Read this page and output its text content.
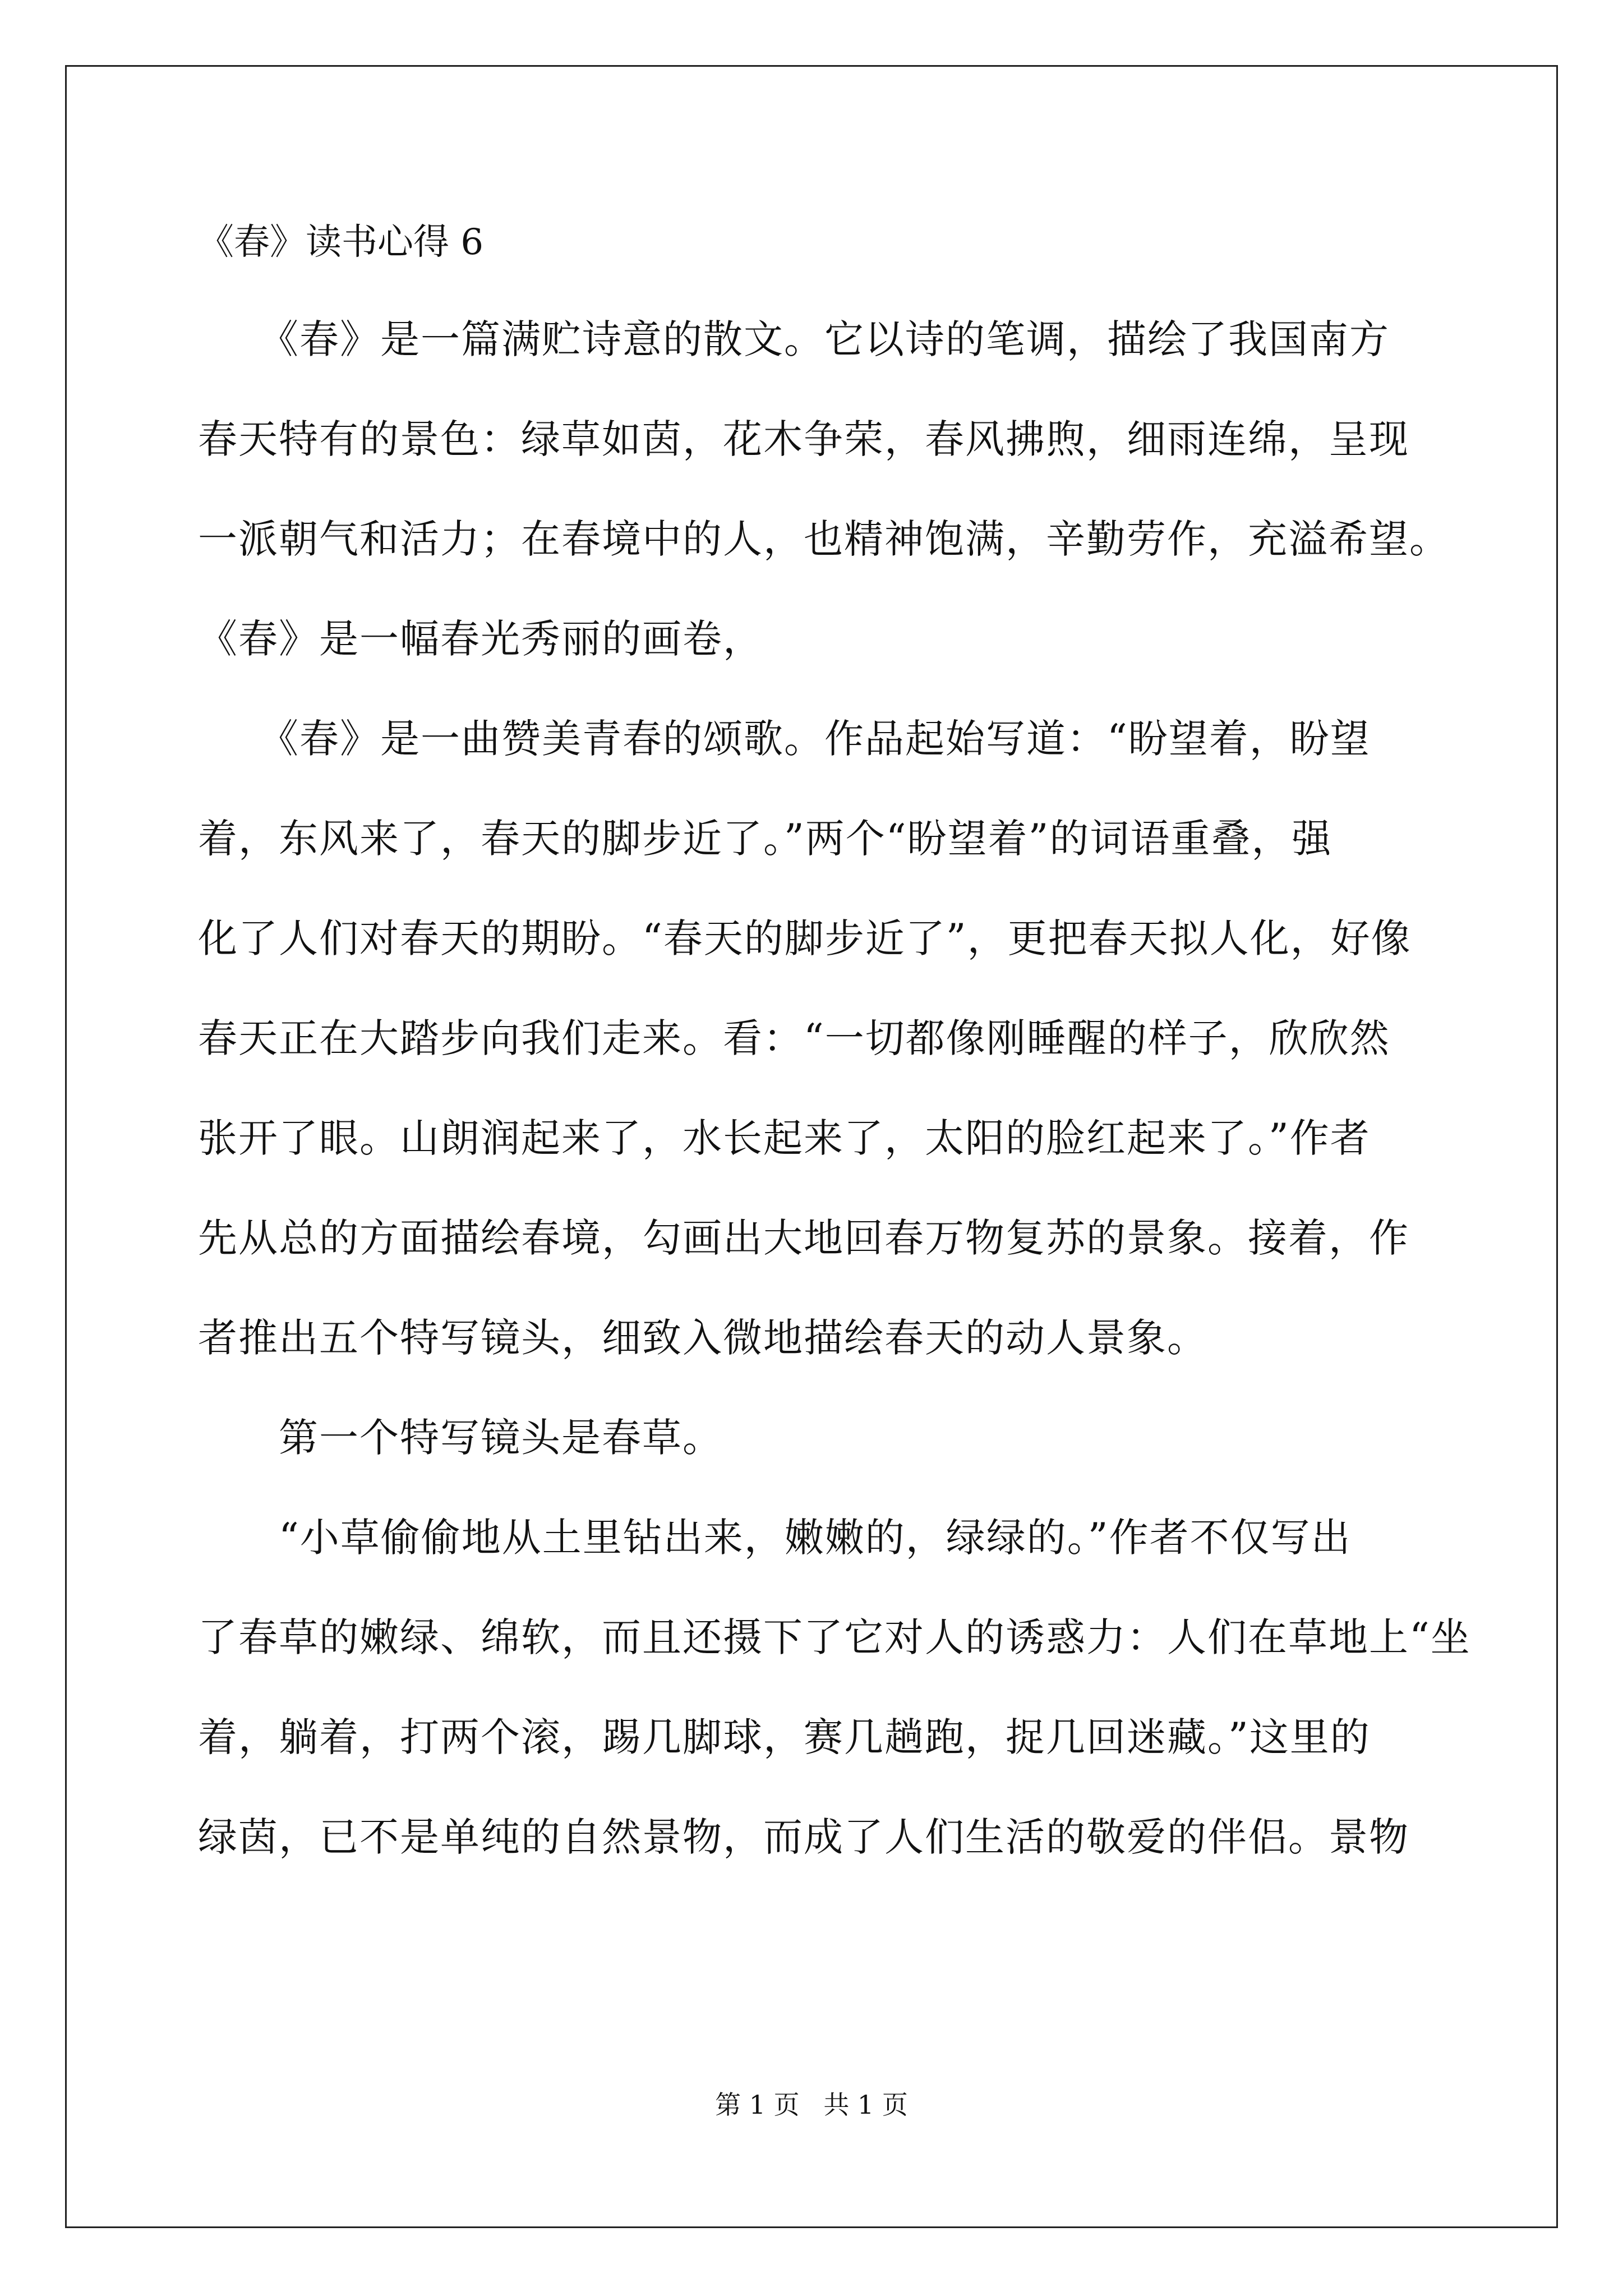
《春》读书心得 6
　　《春》是一篇满贮诗意的散文。它以诗的笔调，描绘了我国南方
春天特有的景色：绿草如茵，花木争荣，春风拂煦，细雨连绵，呈现
一派朝气和活力；在春境中的人，也精神饱满，辛勤劳作，充溢希望。
《春》是一幅春光秀丽的画卷，
　　《春》是一曲赞美青春的颂歌。作品起始写道：“盼望着，盼望
着，东风来了，春天的脚步近了。”两个“盼望着”的词语重叠，强
化了人们对春天的期盼。“春天的脚步近了”，更把春天拟人化，好像
春天正在大踏步向我们走来。看：“一切都像刚睡醒的样子，欣欣然
张开了眼。山朗润起来了，水长起来了，太阳的脸红起来了。”作者
先从总的方面描绘春境，勾画出大地回春万物复苏的景象。接着，作
者推出五个特写镜头，细致入微地描绘春天的动人景象。
　　第一个特写镜头是春草。
　　“小草偷偷地从土里钻出来，嫩嫩的，绿绿的。”作者不仅写出
了春草的嫩绿、绵软，而且还摄下了它对人的诱惑力：人们在草地上“坐
着，躺着，打两个滚，踢几脚球，赛几趟跑，捉几回迷藏。”这里的
绿茵，已不是单纯的自然景物，而成了人们生活的敬爱的伴侣。景物
第 1 页 共 1 页
